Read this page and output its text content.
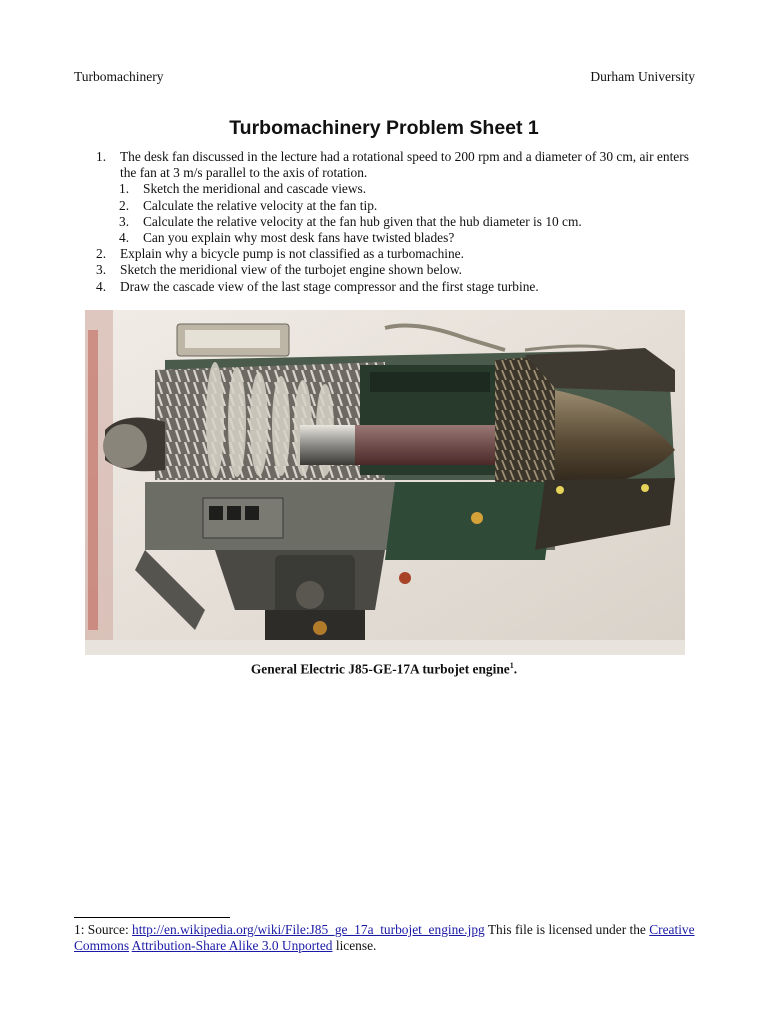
Turbomachinery	Durham University
Turbomachinery Problem Sheet 1
1. The desk fan discussed in the lecture had a rotational speed to 200 rpm and a diameter of 30 cm, air enters the fan at 3 m/s parallel to the axis of rotation.
1. Sketch the meridional and cascade views.
2. Calculate the relative velocity at the fan tip.
3. Calculate the relative velocity at the fan hub given that the hub diameter is 10 cm.
4. Can you explain why most desk fans have twisted blades?
2. Explain why a bicycle pump is not classified as a turbomachine.
3. Sketch the meridional view of the turbojet engine shown below.
4. Draw the cascade view of the last stage compressor and the first stage turbine.
General Electric J85-GE-17A turbojet engine$^1$.
1: Source: http://en.wikipedia.org/wiki/File:J85_ge_17a_turbojet_engine.jpg This file is licensed under the Creative Commons Attribution-Share Alike 3.0 Unported license.
